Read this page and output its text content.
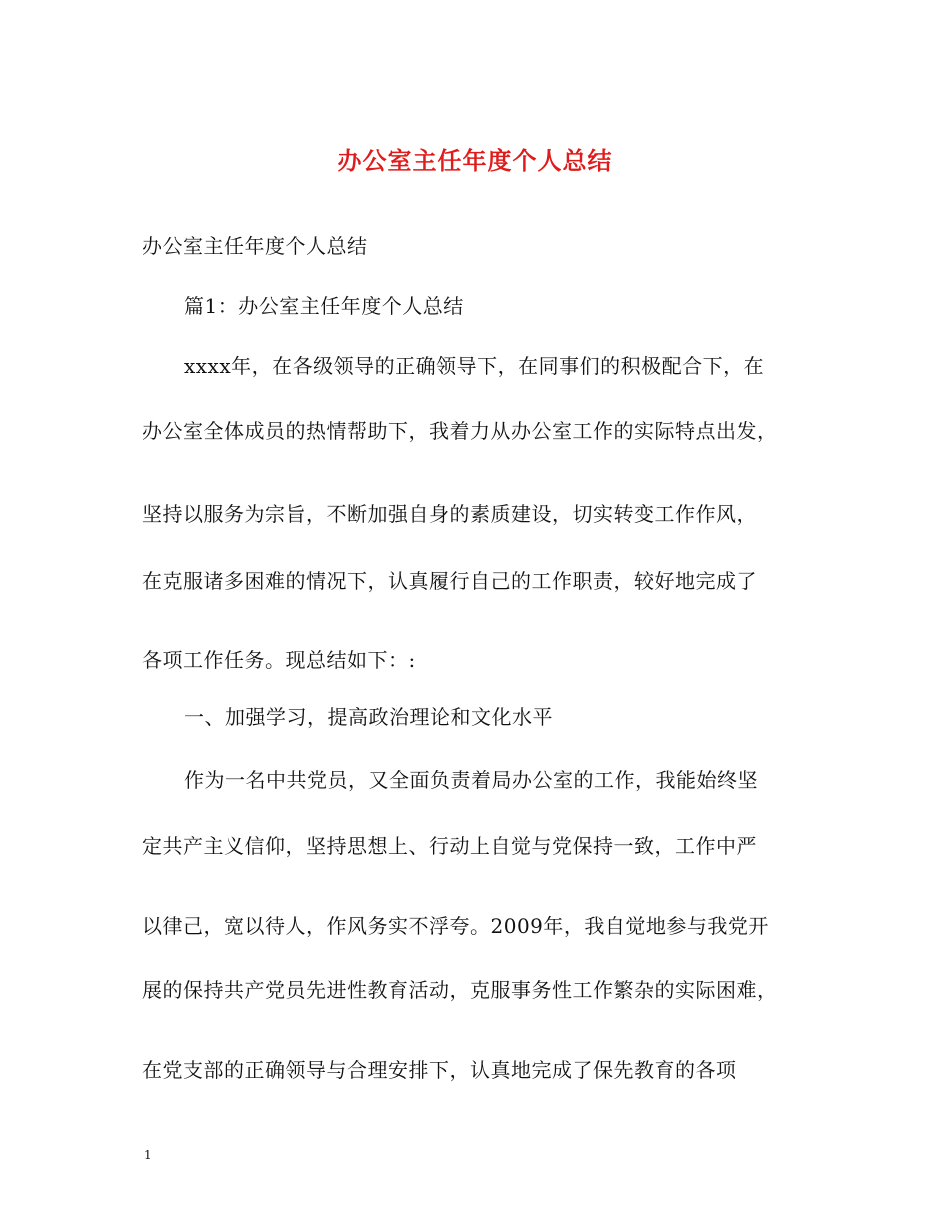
办公室主任年度个人总结
办公室主任年度个人总结
篇1：办公室主任年度个人总结
xxxx年，在各级领导的正确领导下，在同事们的积极配合下，在
办公室全体成员的热情帮助下，我着力从办公室工作的实际特点出发，
坚持以服务为宗旨，不断加强自身的素质建设，切实转变工作作风，
在克服诸多困难的情况下，认真履行自己的工作职责，较好地完成了
各项工作任务。现总结如下：:
一、加强学习，提高政治理论和文化水平
作为一名中共党员，又全面负责着局办公室的工作，我能始终坚
定共产主义信仰，坚持思想上、行动上自觉与党保持一致，工作中严
以律己，宽以待人，作风务实不浮夸。2009年，我自觉地参与我党开
展的保持共产党员先进性教育活动，克服事务性工作繁杂的实际困难，
在党支部的正确领导与合理安排下，认真地完成了保先教育的各项
1
